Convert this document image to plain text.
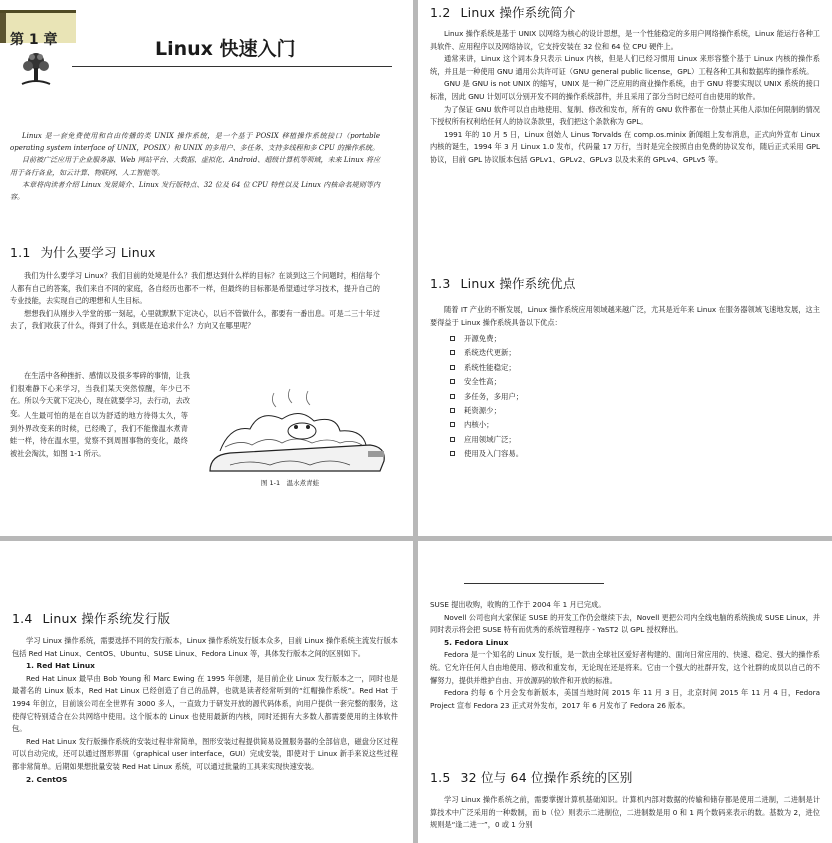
第 1 章	Linux 快速入门

Linux 是一套免费使用和自由传播的类 UNIX 操作系统，是一个基于 POSIX 移植操作系统接口（portable operating system interface of UNIX，POSIX）和 UNIX 的多用户、多任务、支持多线程和多 CPU 的操作系统。

目前被广泛应用于企业服务器、Web 网站平台、大数据、虚拟化、Android、超级计算机等领域，未来 Linux 将应用于各行各业，如云计算、物联网、人工智能等。

本章将向读者介绍 Linux 发展简介、Linux 发行版特点、32 位及 64 位 CPU 特性以及 Linux 内核命名规则等内容。

1.1 为什么要学习 Linux

我们为什么要学习 Linux？我们目前的处境是什么？我们想达到什么样的目标？在谈到这三个问题时，相信每个人都有自己的答案，我们来自不同的家庭，各自经历也都不一样，但最终的目标都是希望通过学习技术，提升自己的专业技能，去实现自己的理想和人生目标。

想想我们从刚步入学堂的那一刻起，心里就默默下定决心，以后不管做什么，都要有一番出息。可是二三十年过去了，我们收获了什么，得到了什么，到底是在追求什么？方向又在哪里呢？

在生活中各种挫折、感情以及很多零碎的事情，让我们很难静下心来学习，当我们某天突然惊醒，年少已不在。所以今天就下定决心，现在就要学习，去行动，去改变。 人生最可怕的是在自以为舒适的地方待得太久，等到外界改变来的时候，已经晚了，我们不能像温水煮青蛙一样，待在温水里，觉察不到周围事物的变化，最终被社会淘汰，如图 1-1 所示。

图 1-1　温水煮青蛙
1.2 Linux 操作系统简介

Linux 操作系统是基于 UNIX 以网络为核心的设计思想，是一个性能稳定的多用户网络操作系统，Linux 能运行各种工具软件、应用程序以及网络协议，它支持安装在 32 位和 64 位 CPU 硬件上。

通常来讲，Linux 这个词本身只表示 Linux 内核，但是人们已经习惯用 Linux 来形容整个基于 Linux 内核的操作系统，并且是一种使用 GNU 通用公共许可证（GNU general public license，GPL）工程各种工具和数据库的操作系统。

GNU 是 GNU is not UNIX 的缩写，UNIX 是一种广泛应用的商业操作系统，由于 GNU 将要实现以 UNIX 系统的接口标准，因此 GNU 计划可以分别开发不同的操作系统部件，并且采用了部分当时已经可自由使用的软件。

为了保证 GNU 软件可以自由地使用、复制、修改和发布，所有的 GNU 软件都在一份禁止其他人添加任何限制的情况下授权所有权利给任何人的协议条款里，我们把这个条款称为 GPL。

1991 年的 10 月 5 日，Linux 创始人 Linus Torvalds 在 comp.os.minix 新闻组上发布消息，正式向外宣布 Linux 内核的诞生，1994 年 3 月 Linux 1.0 发布，代码量 17 万行，当时是完全按照自由免费的协议发布，随后正式采用 GPL 协议，目前 GPL 协议版本包括 GPLv1、GPLv2、GPLv3 以及未来的 GPLv4、GPLv5 等。

1.3 Linux 操作系统优点

随着 IT 产业的不断发展，Linux 操作系统应用领域越来越广泛，尤其是近年来 Linux 在服务器领域飞速地发展，这主要得益于 Linux 操作系统具备以下优点：

开源免费；
系统迭代更新；
系统性能稳定；
安全性高；
多任务，多用户；
耗资源少；
内核小；
应用领域广泛；
使用及入门容易。
1.4 Linux 操作系统发行版

学习 Linux 操作系统，需要选择不同的发行版本，Linux 操作系统发行版本众多，目前 Linux 操作系统主流发行版本包括 Red Hat Linux、CentOS、Ubuntu、SUSE Linux、Fedora Linux 等，具体发行版本之间的区别如下。

1. Red Hat Linux

Red Hat Linux 最早由 Bob Young 和 Marc Ewing 在 1995 年创建，是目前企业 Linux 发行版本之一，同时也是最著名的 Linux 版本，Red Hat Linux 已经创造了自己的品牌，也就是读者经常听到的“红帽操作系统”。Red Hat 于 1994 年创立，目前该公司在全世界有 3000 多人，一直致力于研发开放的源代码体系，向用户提供一套完整的服务，这使得它特别适合在公共网络中使用。这个版本的 Linux 也使用最新的内核，同时还拥有大多数人都需要使用的主体软件包。

Red Hat Linux 发行版操作系统的安装过程非常简单，图形安装过程提供简易设置服务器的全部信息，磁盘分区过程可以自动完成，还可以通过图形界面（graphical user interface，GUI）完成安装，即使对于 Linux 新手来说这些过程都非常简单。后期如果想批量安装 Red Hat Linux 系统，可以通过批量的工具来实现快速安装。

2. CentOS

SUSE 提出收购，收购的工作于 2004 年 1 月已完成。

Novell 公司也向大家保证 SUSE 的开发工作仍会继续下去，Novell 更把公司内全线电脑的系统换成 SUSE Linux，并同时表示将会把 SUSE 特有而优秀的系统管理程序 - YaST2 以 GPL 授权释出。

5. Fedora Linux

Fedora 是一个知名的 Linux 发行版，是一款由全球社区爱好者构建的、面向日常应用的、快速、稳定、强大的操作系统。它允许任何人自由地使用、修改和重发布，无论现在还是将来。它由一个强大的社群开发，这个社群的成员以自己的不懈努力，提供并维护自由、开放源码的软件和开放的标准。

Fedora 约每 6 个月会发布新版本，美国当地时间 2015 年 11 月 3 日，北京时间 2015 年 11 月 4 日，Fedora Project 宣布 Fedora 23 正式对外发布，2017 年 6 月发布了 Fedora 26 版本。

1.5 32 位与 64 位操作系统的区别

学习 Linux 操作系统之前，需要掌握计算机基础知识。计算机内部对数据的传输和储存都是使用二进制，二进制是计算技术中广泛采用的一种数制，而 b（位）则表示二进制位，二进制数是用 0 和 1 两个数码来表示的数。基数为 2，进位规则是“逢二进一”，0 或 1 分别
